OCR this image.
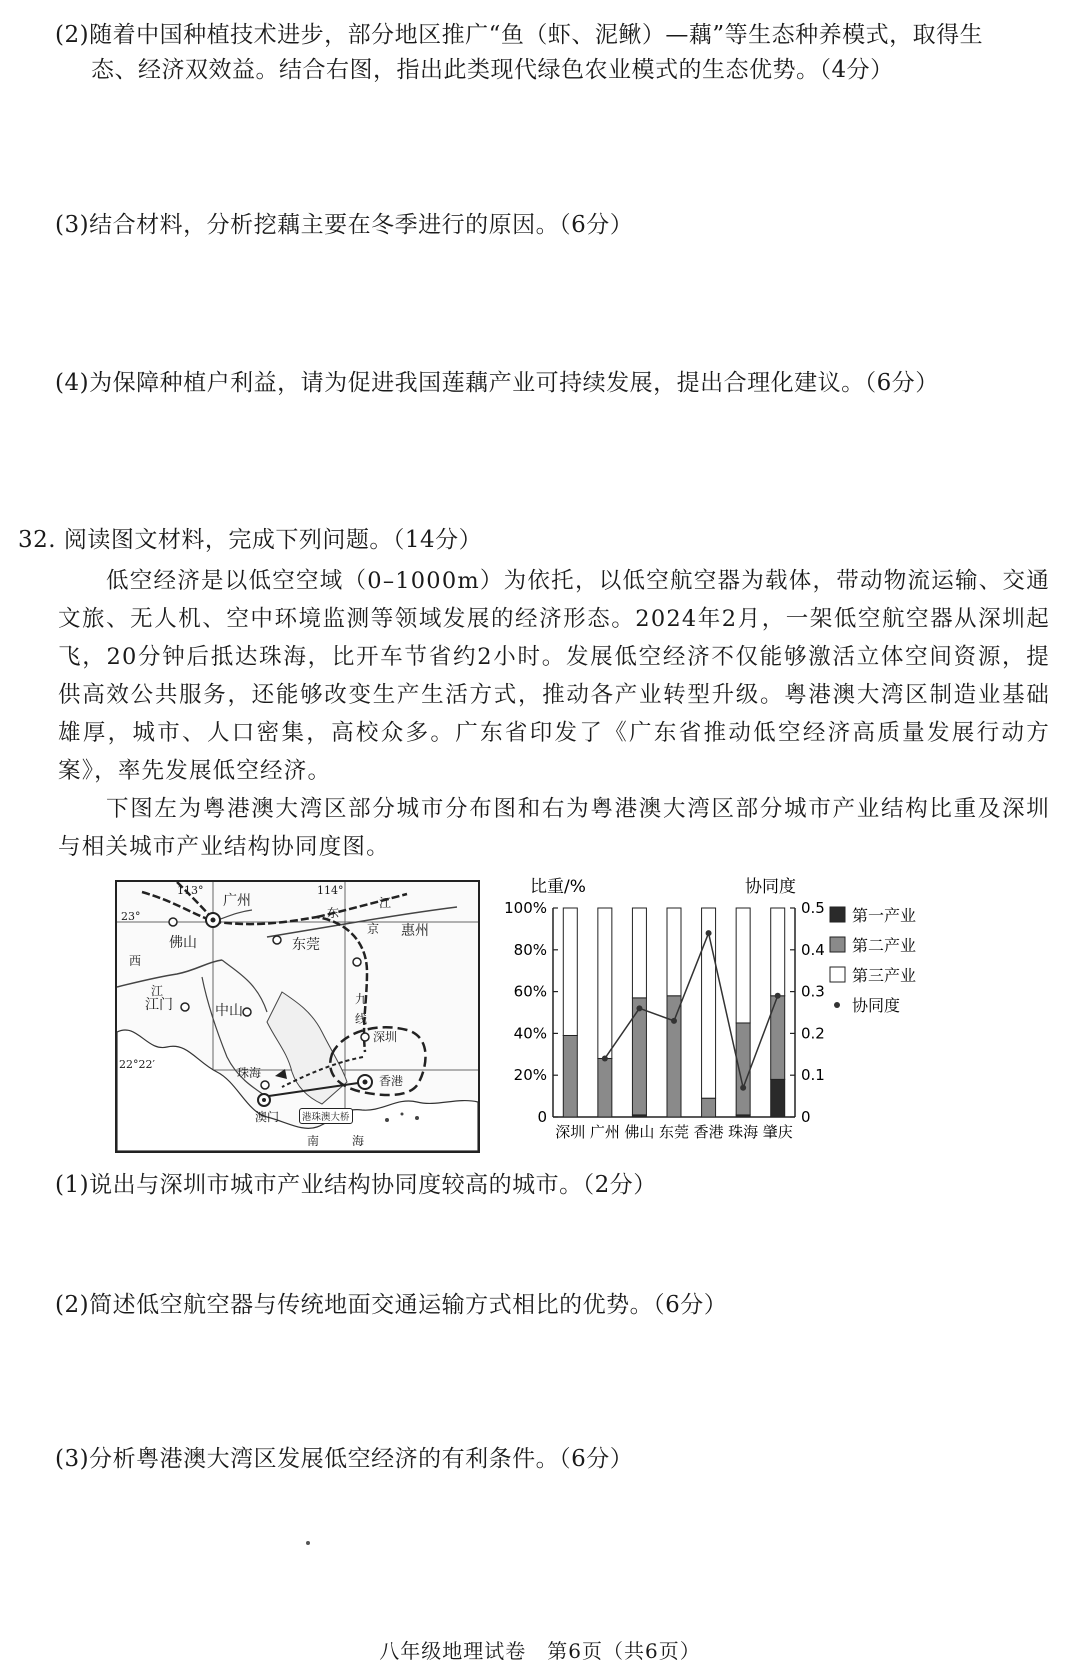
(2)随着中国种植技术进步，部分地区推广“鱼（虾、泥鳅）—藕”等生态种养模式，取得生
态、经济双效益。结合右图，指出此类现代绿色农业模式的生态优势。（4分）
(3)结合材料，分析挖藕主要在冬季进行的原因。（6分）
(4)为保障种植户利益，请为促进我国莲藕产业可持续发展，提出合理化建议。（6分）
32. 阅读图文材料，完成下列问题。（14分）
低空经济是以低空空域（0–1000m）为依托，以低空航空器为载体，带动物流运输、交通文旅、无人机、空中环境监测等领域发展的经济形态。2024年2月，一架低空航空器从深圳起飞，20分钟后抵达珠海，比开车节省约2小时。发展低空经济不仅能够激活立体空间资源，提供高效公共服务，还能够改变生产生活方式，推动各产业转型升级。粤港澳大湾区制造业基础雄厚，城市、人口密集，高校众多。广东省印发了《广东省推动低空经济高质量发展行动方案》，率先发展低空经济。
下图左为粤港澳大湾区部分城市分布图和右为粤港澳大湾区部分城市产业结构比重及深圳与相关城市产业结构协同度图。
113°	114°
23°
22°22′
广州
佛山	东莞
惠州
深圳
江门	中山
珠海
澳门
香港
西
江
东
江
京
九
线
南	海
港珠澳大桥
比重/%	协同度
0
20%
40%
60%
80%
100%
0
0.1
0.2
0.3
0.4
0.5
深圳 广州 佛山 东莞 香港 珠海 肇庆
第一产业
第二产业
第三产业
协同度
(1)说出与深圳市城市产业结构协同度较高的城市。（2分）
(2)简述低空航空器与传统地面交通运输方式相比的优势。（6分）
(3)分析粤港澳大湾区发展低空经济的有利条件。（6分）
八年级地理试卷　第6页（共6页）
